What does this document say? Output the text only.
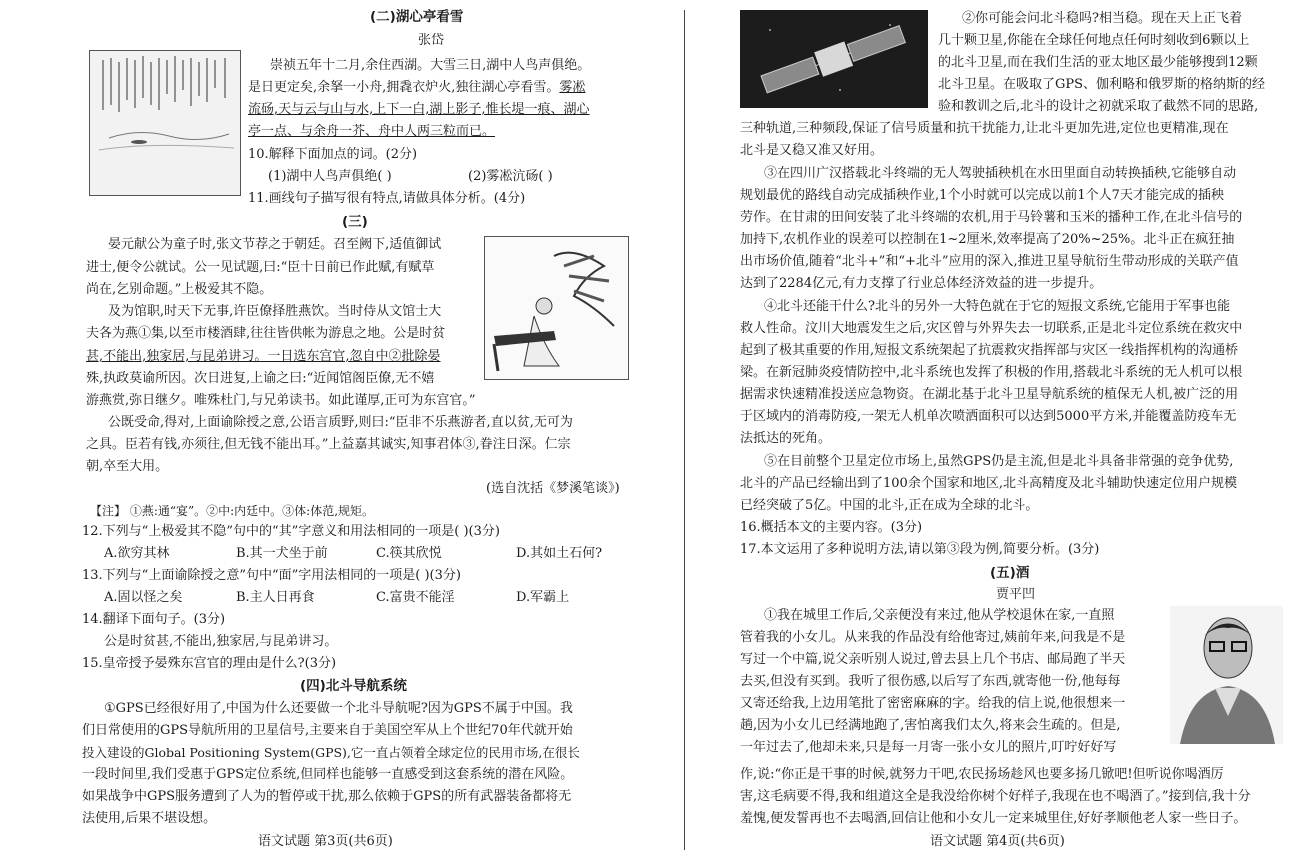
(二)湖心亭看雪
张岱
崇祯五年十二月,余住西湖。大雪三日,湖中人鸟声俱绝。
是日更定矣,余拏一小舟,拥毳衣炉火,独往湖心亭看雪。雾凇
流砀,天与云与山与水,上下一白,湖上影子,惟长堤一痕、湖心
亭一点、与余舟一芥、舟中人两三粒而已。
10.解释下面加点的词。(2分)
(1)湖中人鸟声俱绝( )	(2)雾凇沆砀( )
11.画线句子描写很有特点,请做具体分析。(4分)
(三)
晏元献公为童子时,张文节荐之于朝廷。召至阙下,适值御试
进士,便令公就试。公一见试题,曰:“臣十日前已作此赋,有赋草
尚在,乞别命题。”上极爱其不隐。
及为馆职,时天下无事,许臣僚择胜燕饮。当时侍从文馆士大
夫各为燕①集,以至市楼酒肆,往往皆供帐为游息之地。公是时贫
甚,不能出,独家居,与昆弟讲习。一日选东宫官,忽自中②批除晏
殊,执政莫谕所因。次日进复,上谕之曰:“近闻馆阁臣僚,无不嬉
游燕赏,弥日继夕。唯殊杜门,与兄弟读书。如此谨厚,正可为东宫官。”
公既受命,得对,上面谕除授之意,公语言质野,则曰:“臣非不乐燕游者,直以贫,无可为
之具。臣若有钱,亦须往,但无钱不能出耳。”上益嘉其诚实,知事君体③,眷注日深。仁宗
朝,卒至大用。
(选自沈括《梦溪笔谈》)
【注】 ①燕:通“宴”。②中:内廷中。③体:体范,规矩。
12.下列与“上极爱其不隐”句中的“其”字意义和用法相同的一项是( )(3分)
A.欲穷其林	B.其一犬坐于前	C.筷其欣悦	D.其如土石何?
13.下列与“上面谕除授之意”句中“面”字用法相同的一项是( )(3分)
A.固以怪之矣	B.主人日再食	C.富贵不能淫	D.军霸上
14.翻译下面句子。(3分)
公是时贫甚,不能出,独家居,与昆弟讲习。
15.皇帝授予晏殊东宫官的理由是什么?(3分)
(四)北斗导航系统
①GPS已经很好用了,中国为什么还要做一个北斗导航呢?因为GPS不属于中国。我
们日常使用的GPS导航所用的卫星信号,主要来自于美国空军从上个世纪70年代就开始
投入建设的Global Positioning System(GPS),它一直占领着全球定位的民用市场,在很长
一段时间里,我们受惠于GPS定位系统,但同样也能够一直感受到这套系统的潜在风险。
如果战争中GPS服务遭到了人为的暂停或干扰,那么依赖于GPS的所有武器装备都将无
法使用,后果不堪设想。
语文试题 第3页(共6页)
②你可能会问北斗稳吗?相当稳。现在天上正飞着
几十颗卫星,你能在全球任何地点任何时刻收到6颗以上
的北斗卫星,而在我们生活的亚太地区最少能够搜到12颗
北斗卫星。在吸取了GPS、伽利略和俄罗斯的格纳斯的经
验和教训之后,北斗的设计之初就采取了截然不同的思路,
三种轨道,三种频段,保证了信号质量和抗干扰能力,让北斗更加先进,定位也更精准,现在
北斗是又稳又准又好用。
③在四川广汉搭载北斗终端的无人驾驶插秧机在水田里面自动转换插秧,它能够自动
规划最优的路线自动完成插秧作业,1个小时就可以完成以前1个人7天才能完成的插秧
劳作。在甘肃的田间安装了北斗终端的农机,用于马铃薯和玉米的播种工作,在北斗信号的
加持下,农机作业的误差可以控制在1~2厘米,效率提高了20%~25%。北斗正在疯狂抽
出市场价值,随着“北斗+”和“+北斗”应用的深入,推进卫星导航衍生带动形成的关联产值
达到了2284亿元,有力支撑了行业总体经济效益的进一步提升。
④北斗还能干什么?北斗的另外一大特色就在于它的短报文系统,它能用于军事也能
救人性命。汶川大地震发生之后,灾区曾与外界失去一切联系,正是北斗定位系统在救灾中
起到了极其重要的作用,短报文系统架起了抗震救灾指挥部与灾区一线指挥机构的沟通桥
梁。在新冠肺炎疫情防控中,北斗系统也发挥了积极的作用,搭载北斗系统的无人机可以根
据需求快速精准投送应急物资。在湖北基于北斗卫星导航系统的植保无人机,被广泛的用
于区域内的消毒防疫,一架无人机单次喷洒面积可以达到5000平方米,并能覆盖防疫车无
法抵达的死角。
⑤在目前整个卫星定位市场上,虽然GPS仍是主流,但是北斗具备非常强的竞争优势,
北斗的产品已经输出到了100余个国家和地区,北斗高精度及北斗辅助快速定位用户规模
已经突破了5亿。中国的北斗,正在成为全球的北斗。
16.概括本文的主要内容。(3分)
17.本文运用了多种说明方法,请以第③段为例,简要分析。(3分)
(五)酒
贾平凹
①我在城里工作后,父亲便没有来过,他从学校退休在家,一直照
管着我的小女儿。从来我的作品没有给他寄过,姨前年来,问我是不是
写过一个中篇,说父亲听别人说过,曾去县上几个书店、邮局跑了半天
去买,但没有买到。我听了很伤感,以后写了东西,就寄他一份,他每每
又寄还给我,上边用笔批了密密麻麻的字。给我的信上说,他很想来一
趟,因为小女儿已经满地跑了,害怕离我们太久,将来会生疏的。但是,
一年过去了,他却未来,只是每一月寄一张小女儿的照片,叮咛好好写
作,说:“你正是干事的时候,就努力干吧,农民扬场趁风也要多扬几锨吧!但听说你喝酒厉
害,这毛病要不得,我和组道这全是我没给你树个好样子,我现在也不喝酒了。”接到信,我十分
羞愧,便发誓再也不去喝酒,回信让他和小女儿一定来城里住,好好孝顺他老人家一些日子。
语文试题 第4页(共6页)
